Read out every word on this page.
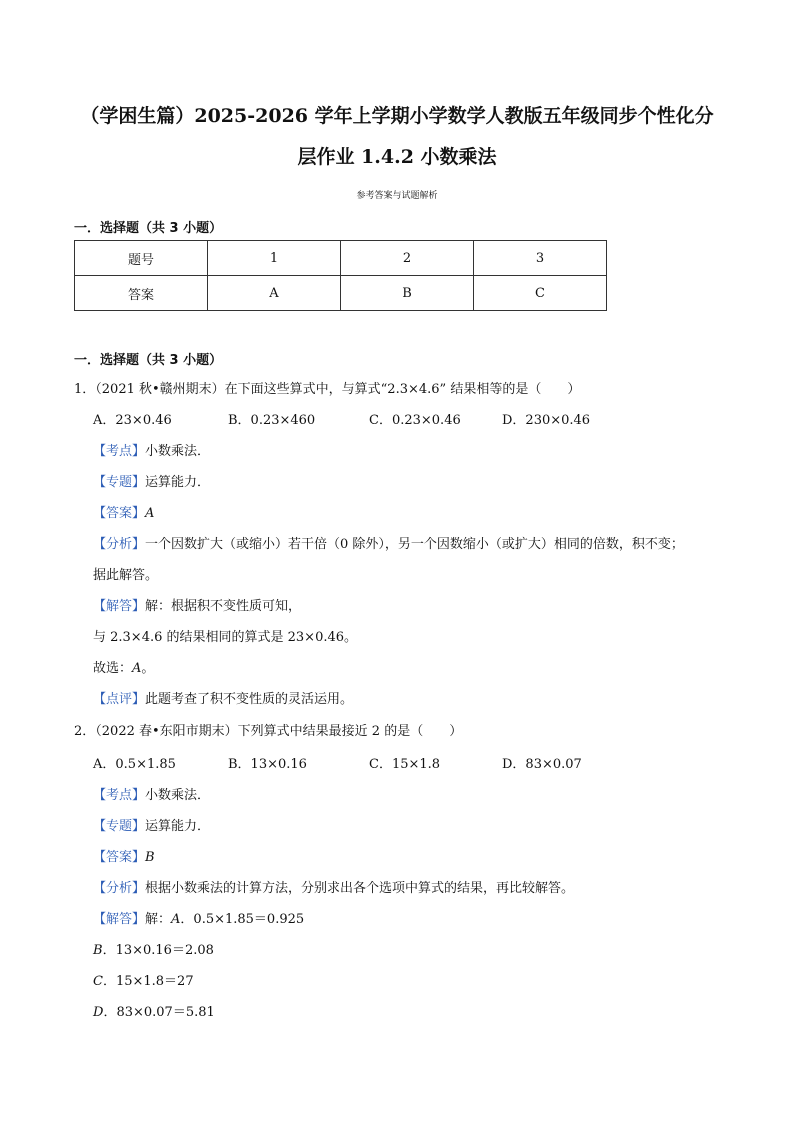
（学困生篇）2025-2026 学年上学期小学数学人教版五年级同步个性化分
层作业 1.4.2 小数乘法
参考答案与试题解析
一．选择题（共 3 小题）
题号	1	2	3
答案	A	B	C
一．选择题（共 3 小题）
1．（2021 秋•赣州期末）在下面这些算式中，与算式“2.3×4.6” 结果相等的是（　　）
A．23×0.46	B．0.23×460	C．0.23×0.46	D．230×0.46
【考点】小数乘法．
【专题】运算能力．
【答案】A
【分析】一个因数扩大（或缩小）若干倍（0 除外），另一个因数缩小（或扩大）相同的倍数，积不变；
据此解答。
【解答】解：根据积不变性质可知，
与 2.3×4.6 的结果相同的算式是 23×0.46。
故选：A。
【点评】此题考查了积不变性质的灵活运用。
2．（2022 春•东阳市期末）下列算式中结果最接近 2 的是（　　）
A．0.5×1.85	B．13×0.16	C．15×1.8	D．83×0.07
【考点】小数乘法．
【专题】运算能力．
【答案】B
【分析】根据小数乘法的计算方法，分别求出各个选项中算式的结果，再比较解答。
【解答】解：A．0.5×1.85＝0.925
B．13×0.16＝2.08
C．15×1.8＝27
D．83×0.07＝5.81
